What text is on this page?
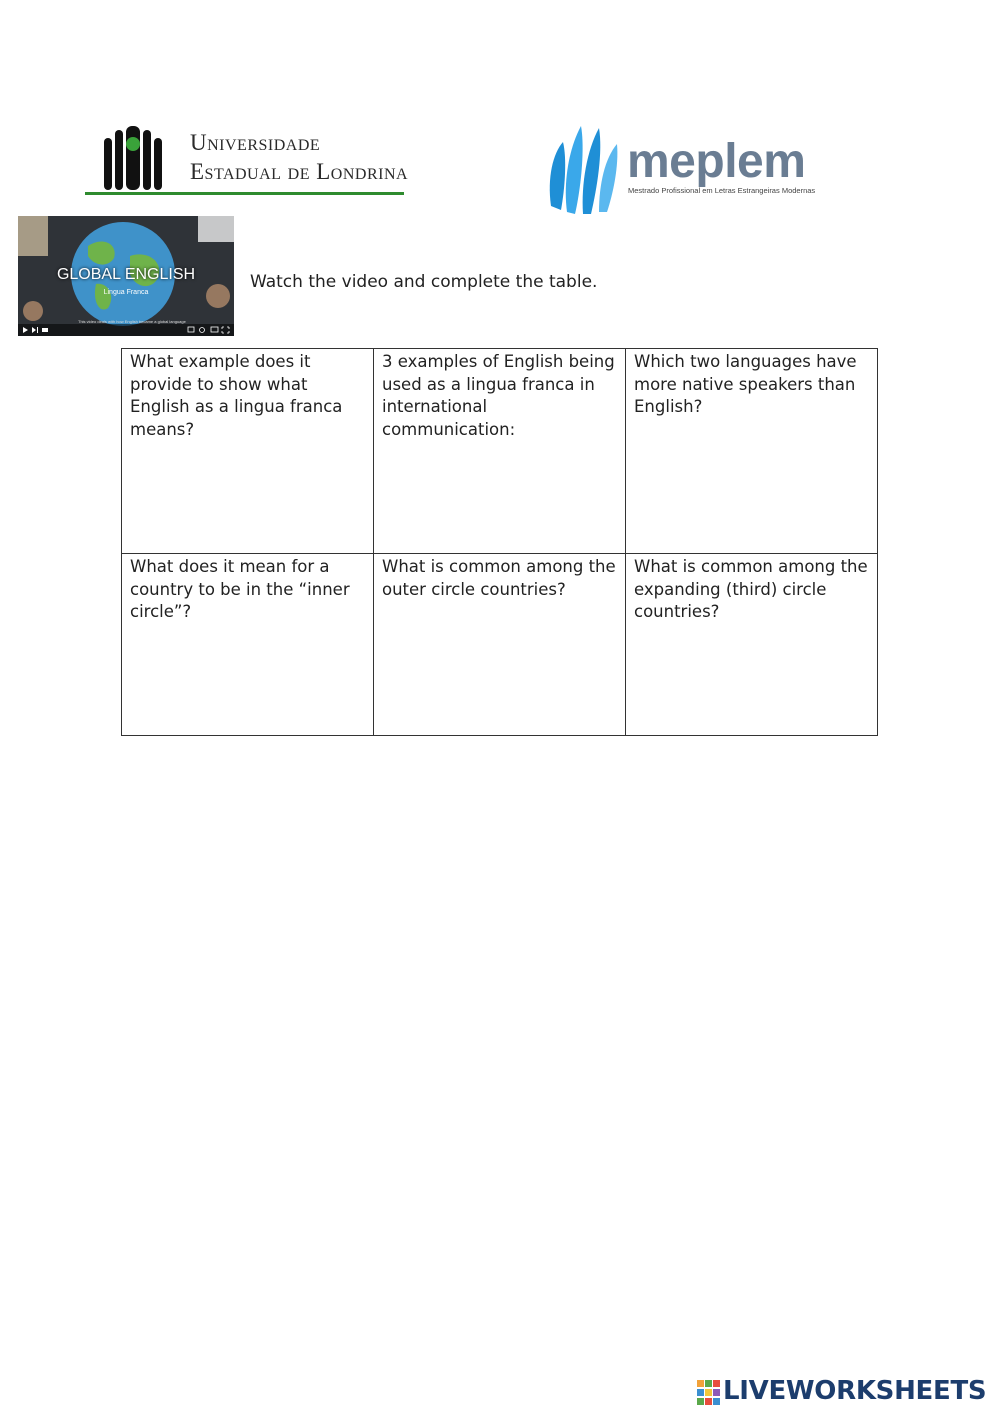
Universidade
Estadual de Londrina	meplem
Mestrado Profissional em Letras Estrangeiras Modernas
GLOBAL ENGLISH
Lingua Franca
This video deals with how English became a global language
Watch the video and complete the table.
What example does it provide to show what English as a lingua franca means?	3 examples of English being used as a lingua franca in international communication:	Which two languages have more native speakers than English?
What does it mean for a country to be in the “inner circle”?	What is common among the outer circle countries?	What is common among the expanding (third) circle countries?
LIVEWORKSHEETS
